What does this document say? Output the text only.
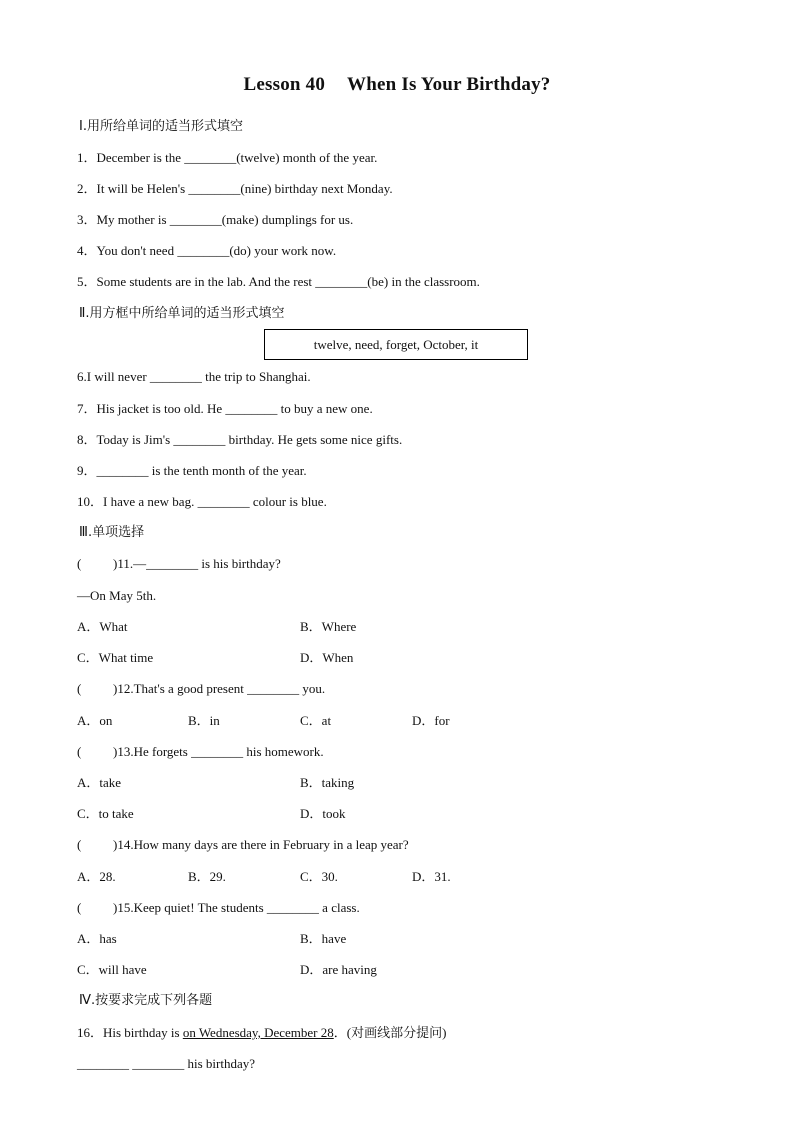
Lesson 40 When Is Your Birthday?
Ⅰ.用所给单词的适当形式填空
1．December is the ________(twelve) month of the year.
2．It will be Helen's ________(nine) birthday next Monday.
3．My mother is ________(make) dumplings for us.
4．You don't need ________(do) your work now.
5．Some students are in the lab. And the rest ________(be) in the classroom.
Ⅱ.用方框中所给单词的适当形式填空
twelve, need, forget, October, it
6.I will never ________ the trip to Shanghai.
7．His jacket is too old. He ________ to buy a new one.
8．Today is Jim's ________ birthday. He gets some nice gifts.
9．________ is the tenth month of the year.
10．I have a new bag. ________ colour is blue.
Ⅲ.单项选择
( )11.—________ is his birthday?
—On May 5th.
A．What	B．Where
C．What time	D．When
( )12.That's a good present ________ you.
A．on	B．in	C．at	D．for
( )13.He forgets ________ his homework.
A．take	B．taking
C．to take	D．took
( )14.How many days are there in February in a leap year?
A．28.	B．29.	C．30.	D．31.
( )15.Keep quiet! The students ________ a class.
A．has	B．have
C．will have	D．are having
Ⅳ.按要求完成下列各题
16．His birthday is on Wednesday, December 28．(对画线部分提问)
________ ________ his birthday?
